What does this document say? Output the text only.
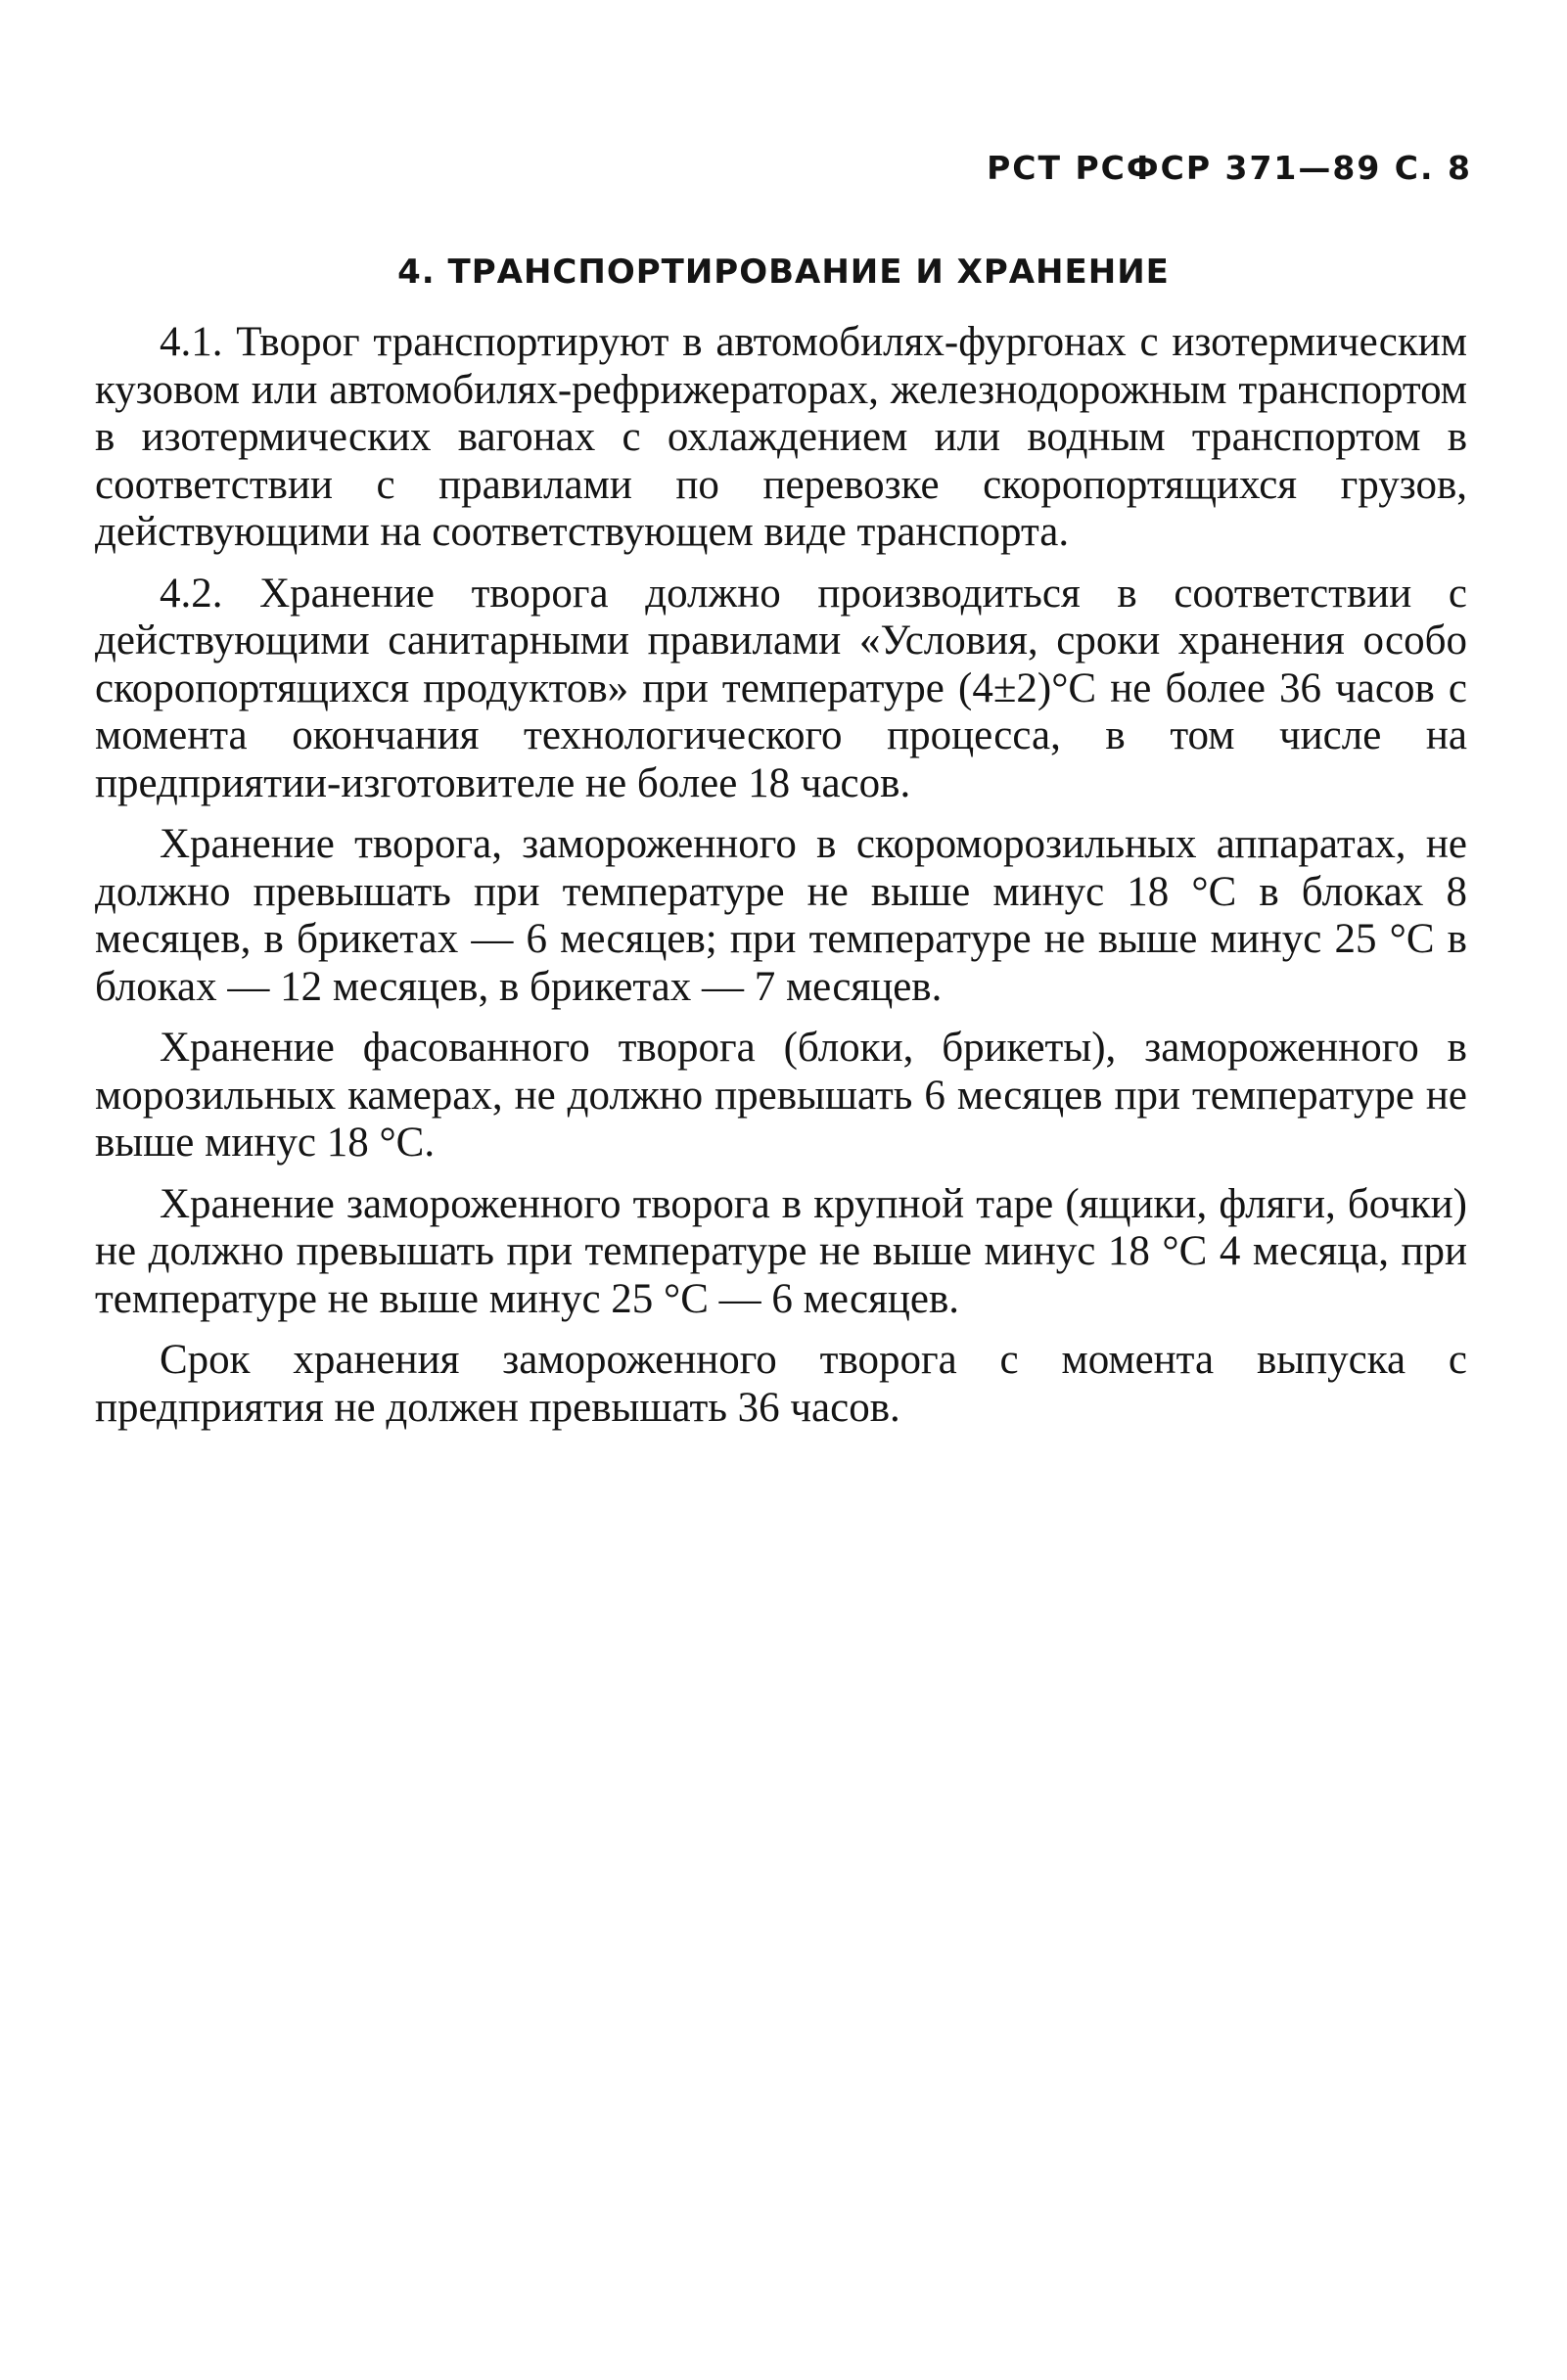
РСТ РСФСР 371—89 С. 8
4. ТРАНСПОРТИРОВАНИЕ И ХРАНЕНИЕ

4.1. Творог транспортируют в автомобилях-фургонах с изотермическим кузовом или автомобилях-рефрижераторах, железнодорожным транспортом в изотермических вагонах с охлаждением или водным транспортом в соответствии с правилами по перевозке скоропортящихся грузов, действующими на соответствующем виде транспорта.

4.2. Хранение творога должно производиться в соответствии с действующими санитарными правилами «Условия, сроки хранения особо скоропортящихся продуктов» при температуре (4±2)°С не более 36 часов с момента окончания технологического процесса, в том числе на предприятии-изготовителе не более 18 часов.

Хранение творога, замороженного в скороморозильных аппаратах, не должно превышать при температуре не выше минус 18 °С в блоках 8 месяцев, в брикетах — 6 месяцев; при температуре не выше минус 25 °С в блоках — 12 месяцев, в брикетах — 7 месяцев.

Хранение фасованного творога (блоки, брикеты), замороженного в морозильных камерах, не должно превышать 6 месяцев при температуре не выше минус 18 °С.

Хранение замороженного творога в крупной таре (ящики, фляги, бочки) не должно превышать при температуре не выше минус 18 °С 4 месяца, при температуре не выше минус 25 °С — 6 месяцев.

Срок хранения замороженного творога с момента выпуска с предприятия не должен превышать 36 часов.
